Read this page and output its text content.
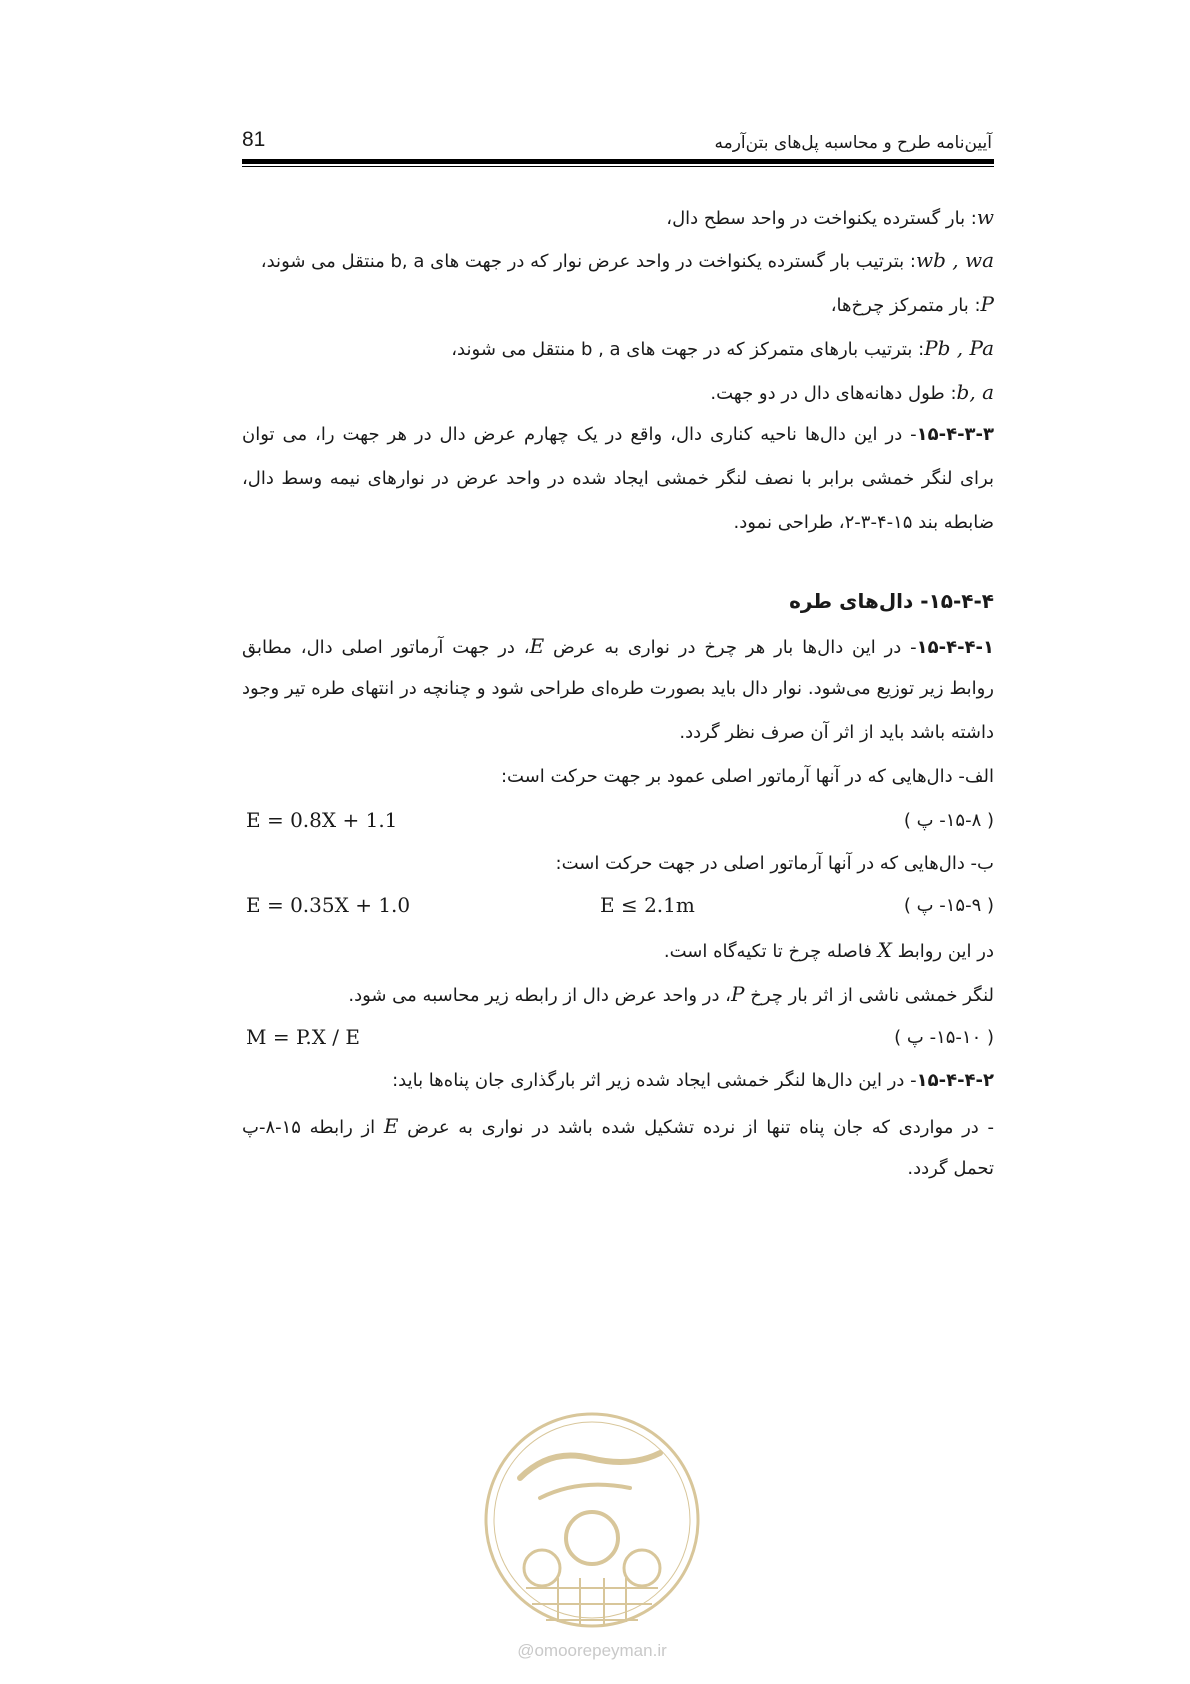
81	آیین‌نامه طرح و محاسبه پل‌های بتن‌آرمه
w: بار گسترده یکنواخت در واحد سطح دال،
wb , wa: بترتیب بار گسترده یکنواخت در واحد عرض نوار که در جهت های b, a منتقل می شوند،
P: بار متمرکز چرخ‌ها،
Pb , Pa: بترتیب بارهای متمرکز که در جهت های b , a منتقل می شوند،
b, a: طول دهانه‌های دال در دو جهت.
۱۵-۴-۳-۳- در این دال‌ها ناحیه کناری دال، واقع در یک چهارم عرض دال در هر جهت را، می توان
برای لنگر خمشی برابر با نصف لنگر خمشی ایجاد شده در واحد عرض در نوارهای نیمه وسط دال،
ضابطه بند ۱۵-۴-۳-۲، طراحی نمود.
۱۵-۴-۴- دال‌های طره
۱۵-۴-۴-۱- در این دال‌ها بار هر چرخ در نواری به عرض E، در جهت آرماتور اصلی دال، مطابق
روابط زیر توزیع می‌شود. نوار دال باید بصورت طره‌ای طراحی شود و چنانچه در انتهای طره تیر وجود
داشته باشد باید از اثر آن صرف نظر گردد.
الف- دال‌هایی که در آنها آرماتور اصلی عمود بر جهت حرکت است:
E = 0.8X + 1.1	( ۱۵-۸- پ )
ب- دال‌هایی که در آنها آرماتور اصلی در جهت حرکت است:
E = 0.35X + 1.0	E ≤ 2.1m	( ۱۵-۹- پ )
در این روابط X فاصله چرخ تا تکیه‌گاه است.
لنگر خمشی ناشی از اثر بار چرخ P، در واحد عرض دال از رابطه زیر محاسبه می شود.
M = P.X / E	( ۱۵-۱۰- پ )
۱۵-۴-۴-۲- در این دال‌ها لنگر خمشی ایجاد شده زیر اثر بارگذاری جان پناه‌ها باید:
- در مواردی که جان پناه تنها از نرده تشکیل شده باشد در نواری به عرض E از رابطه ۱۵-۸-پ
تحمل گردد.
@omoorepeyman.ir
